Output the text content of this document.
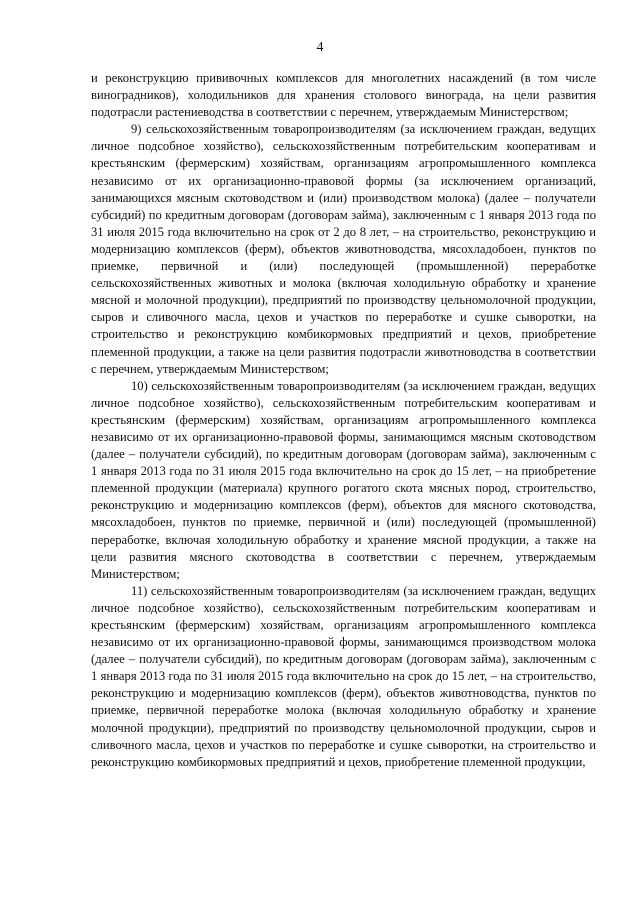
4

и реконструкцию прививочных комплексов для многолетних насаждений (в том числе виноградников), холодильников для хранения столового винограда, на цели развития подотрасли растениеводства в соответствии с перечнем, утверждаемым Министерством;

9) сельскохозяйственным товаропроизводителям (за исключением граждан, ведущих личное подсобное хозяйство), сельскохозяйственным потребительским кооперативам и крестьянским (фермерским) хозяйствам, организациям агропромышленного комплекса независимо от их организационно-правовой формы (за исключением организаций, занимающихся мясным скотоводством и (или) производством молока) (далее – получатели субсидий) по кредитным договорам (договорам займа), заключенным с 1 января 2013 года по 31 июля 2015 года включительно на срок от 2 до 8 лет, – на строительство, реконструкцию и модернизацию комплексов (ферм), объектов животноводства, мясохладобоен, пунктов по приемке, первичной и (или) последующей (промышленной) переработке сельскохозяйственных животных и молока (включая холодильную обработку и хранение мясной и молочной продукции), предприятий по производству цельномолочной продукции, сыров и сливочного масла, цехов и участков по переработке и сушке сыворотки, на строительство и реконструкцию комбикормовых предприятий и цехов, приобретение племенной продукции, а также на цели развития подотрасли животноводства в соответствии с перечнем, утверждаемым Министерством;

10) сельскохозяйственным товаропроизводителям (за исключением граждан, ведущих личное подсобное хозяйство), сельскохозяйственным потребительским кооперативам и крестьянским (фермерским) хозяйствам, организациям агропромышленного комплекса независимо от их организационно-правовой формы, занимающимся мясным скотоводством (далее – получатели субсидий), по кредитным договорам (договорам займа), заключенным с 1 января 2013 года по 31 июля 2015 года включительно на срок до 15 лет, – на приобретение племенной продукции (материала) крупного рогатого скота мясных пород, строительство, реконструкцию и модернизацию комплексов (ферм), объектов для мясного скотоводства, мясохладобоен, пунктов по приемке, первичной и (или) последующей (промышленной) переработке, включая холодильную обработку и хранение мясной продукции, а также на цели развития мясного скотоводства в соответствии с перечнем, утверждаемым Министерством;

11) сельскохозяйственным товаропроизводителям (за исключением граждан, ведущих личное подсобное хозяйство), сельскохозяйственным потребительским кооперативам и крестьянским (фермерским) хозяйствам, организациям агропромышленного комплекса независимо от их организационно-правовой формы, занимающимся производством молока (далее – получатели субсидий), по кредитным договорам (договорам займа), заключенным с 1 января 2013 года по 31 июля 2015 года включительно на срок до 15 лет, – на строительство, реконструкцию и модернизацию комплексов (ферм), объектов животноводства, пунктов по приемке, первичной переработке молока (включая холодильную обработку и хранение молочной продукции), предприятий по производству цельномолочной продукции, сыров и сливочного масла, цехов и участков по переработке и сушке сыворотки, на строительство и реконструкцию комбикормовых предприятий и цехов, приобретение племенной продукции,
